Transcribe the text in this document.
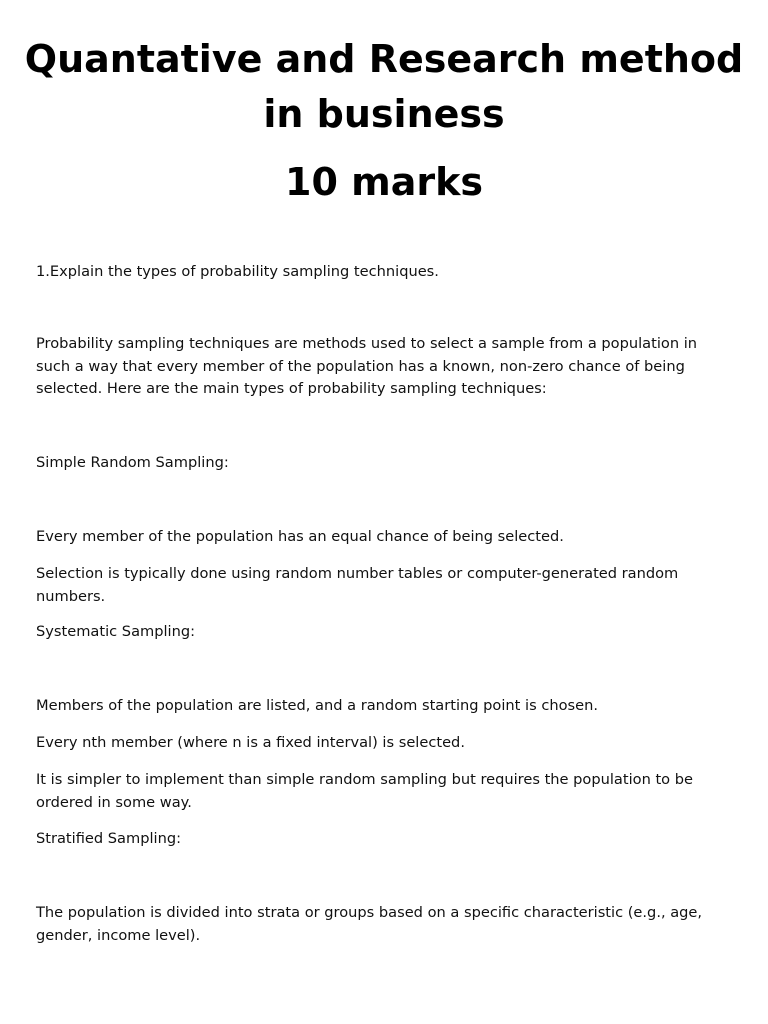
Quantative and Research method in business
10 marks

1.Explain the types of probability sampling techniques.

Probability sampling techniques are methods used to select a sample from a population in such a way that every member of the population has a known, non-zero chance of being selected. Here are the main types of probability sampling techniques:

Simple Random Sampling:

Every member of the population has an equal chance of being selected.

Selection is typically done using random number tables or computer-generated random numbers.

Systematic Sampling:

Members of the population are listed, and a random starting point is chosen.

Every nth member (where n is a fixed interval) is selected.

It is simpler to implement than simple random sampling but requires the population to be ordered in some way.

Stratified Sampling:

The population is divided into strata or groups based on a specific characteristic (e.g., age, gender, income level).
